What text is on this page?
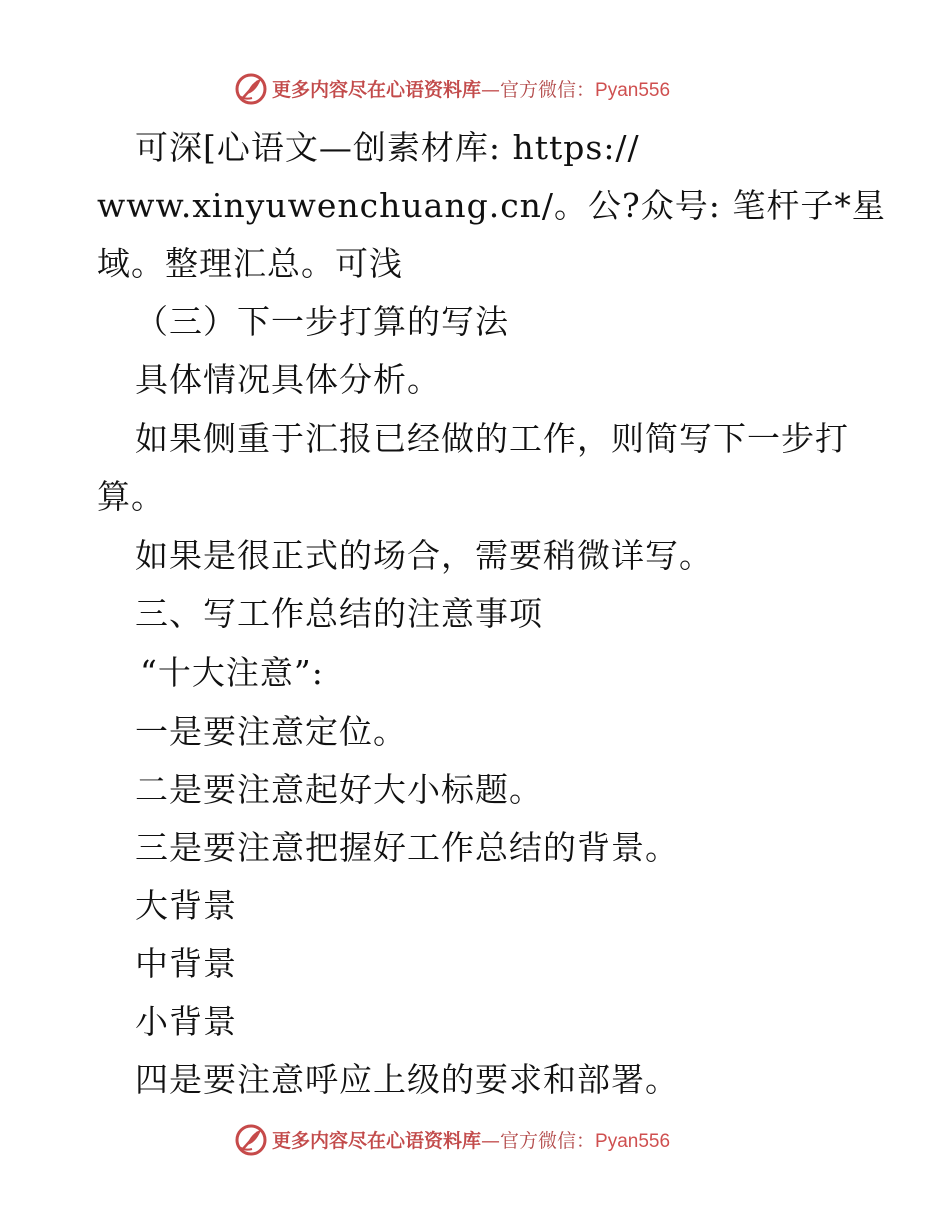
更多内容尽在心语资料库—官方微信：Pyan556
可深[心语文—创素材库: https://
www.xinyuwenchuang.cn/。公?众号: 笔杆子*星
域。整理汇总。可浅
（三）下一步打算的写法
具体情况具体分析。
如果侧重于汇报已经做的工作，则简写下一步打
算。
如果是很正式的场合，需要稍微详写。
三、写工作总结的注意事项
“十大注意”:
一是要注意定位。
二是要注意起好大小标题。
三是要注意把握好工作总结的背景。
大背景
中背景
小背景
四是要注意呼应上级的要求和部署。
更多内容尽在心语资料库—官方微信：Pyan556
